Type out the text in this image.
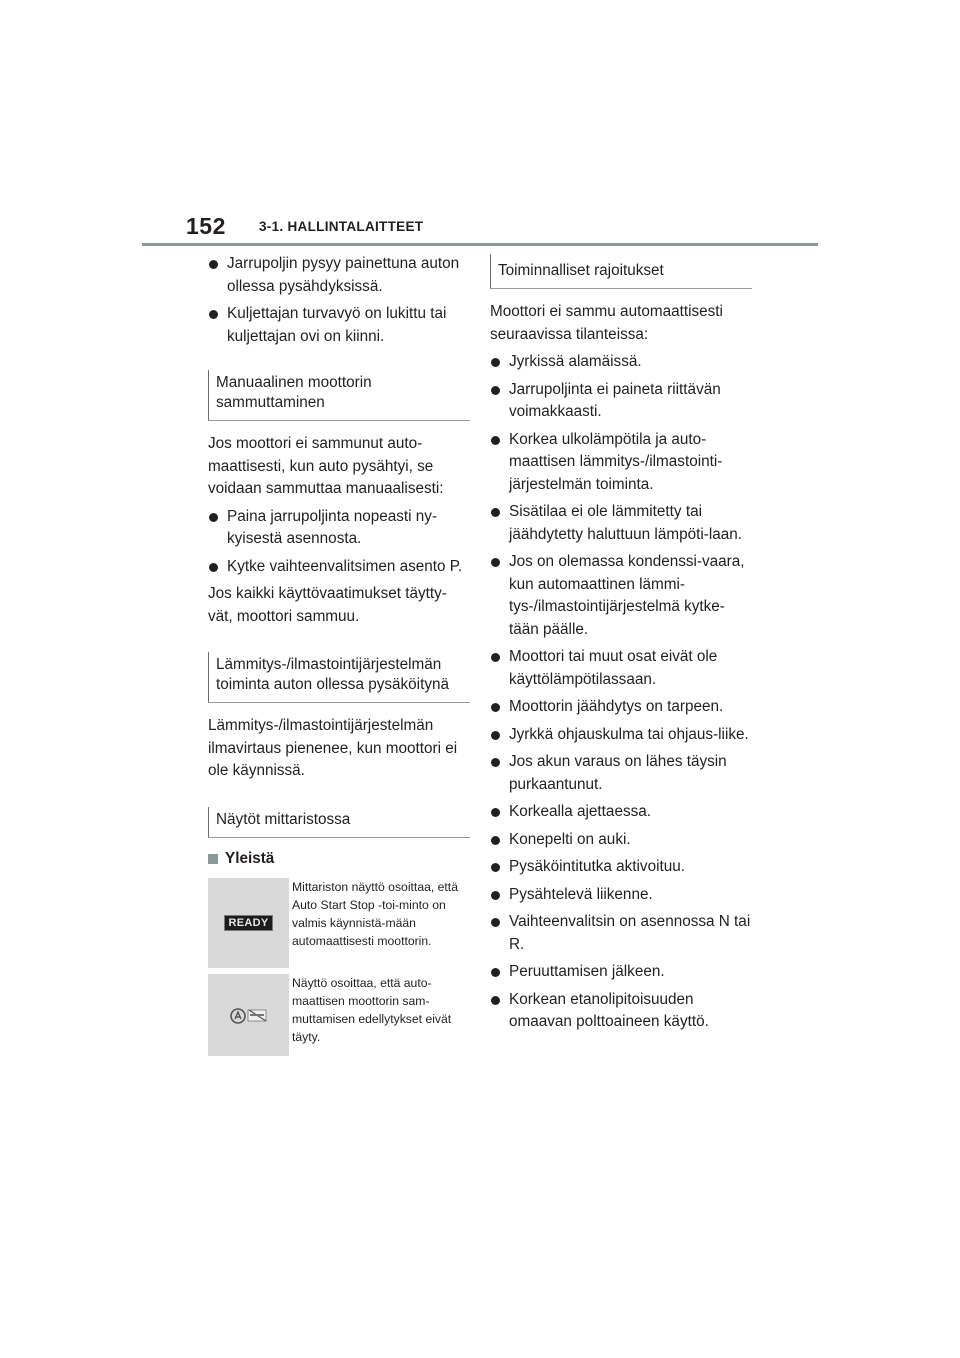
152 3-1. HALLINTALAITTEET
Jarrupoljin pysyy painettuna auton ollessa pysähdyksissä.
Kuljettajan turvavyö on lukittu tai kuljettajan ovi on kiinni.
Manuaalinen moottorin sammuttaminen
Jos moottori ei sammunut auto-maattisesti, kun auto pysähtyi, se voidaan sammuttaa manuaalisesti:
Paina jarrupoljinta nopeasti ny-kyisestä asennosta.
Kytke vaihteenvalitsimen asento P.
Jos kaikki käyttövaatimukset täytty-vät, moottori sammuu.
Lämmitys-/ilmastointijärjestelmän toiminta auton ollessa pysäköitynä
Lämmitys-/ilmastointijärjestelmän ilmavirtaus pienenee, kun moottori ei ole käynnissä.
Näytöt mittaristossa
Yleistä
READY
Mittariston näyttö osoittaa, että Auto Start Stop -toi-minto on valmis käynnistä-mään automaattisesti moottorin.
Näyttö osoittaa, että auto-maattisen moottorin sam-muttamisen edellytykset eivät täyty.
Toiminnalliset rajoitukset
Moottori ei sammu automaattisesti seuraavissa tilanteissa:
Jyrkissä alamäissä.
Jarrupoljinta ei paineta riittävän voimakkaasti.
Korkea ulkolämpötila ja auto-maattisen lämmitys-/ilmastointi-järjestelmän toiminta.
Sisätilaa ei ole lämmitetty tai jäähdytetty haluttuun lämpöti-laan.
Jos on olemassa kondenssi-vaara, kun automaattinen lämmi-tys-/ilmastointijärjestelmä kytke-tään päälle.
Moottori tai muut osat eivät ole käyttölämpötilassaan.
Moottorin jäähdytys on tarpeen.
Jyrkkä ohjauskulma tai ohjaus-liike.
Jos akun varaus on lähes täysin purkaantunut.
Korkealla ajettaessa.
Konepelti on auki.
Pysäköintitutka aktivoituu.
Pysähtelevä liikenne.
Vaihteenvalitsin on asennossa N tai R.
Peruuttamisen jälkeen.
Korkean etanolipitoisuuden omaavan polttoaineen käyttö.
